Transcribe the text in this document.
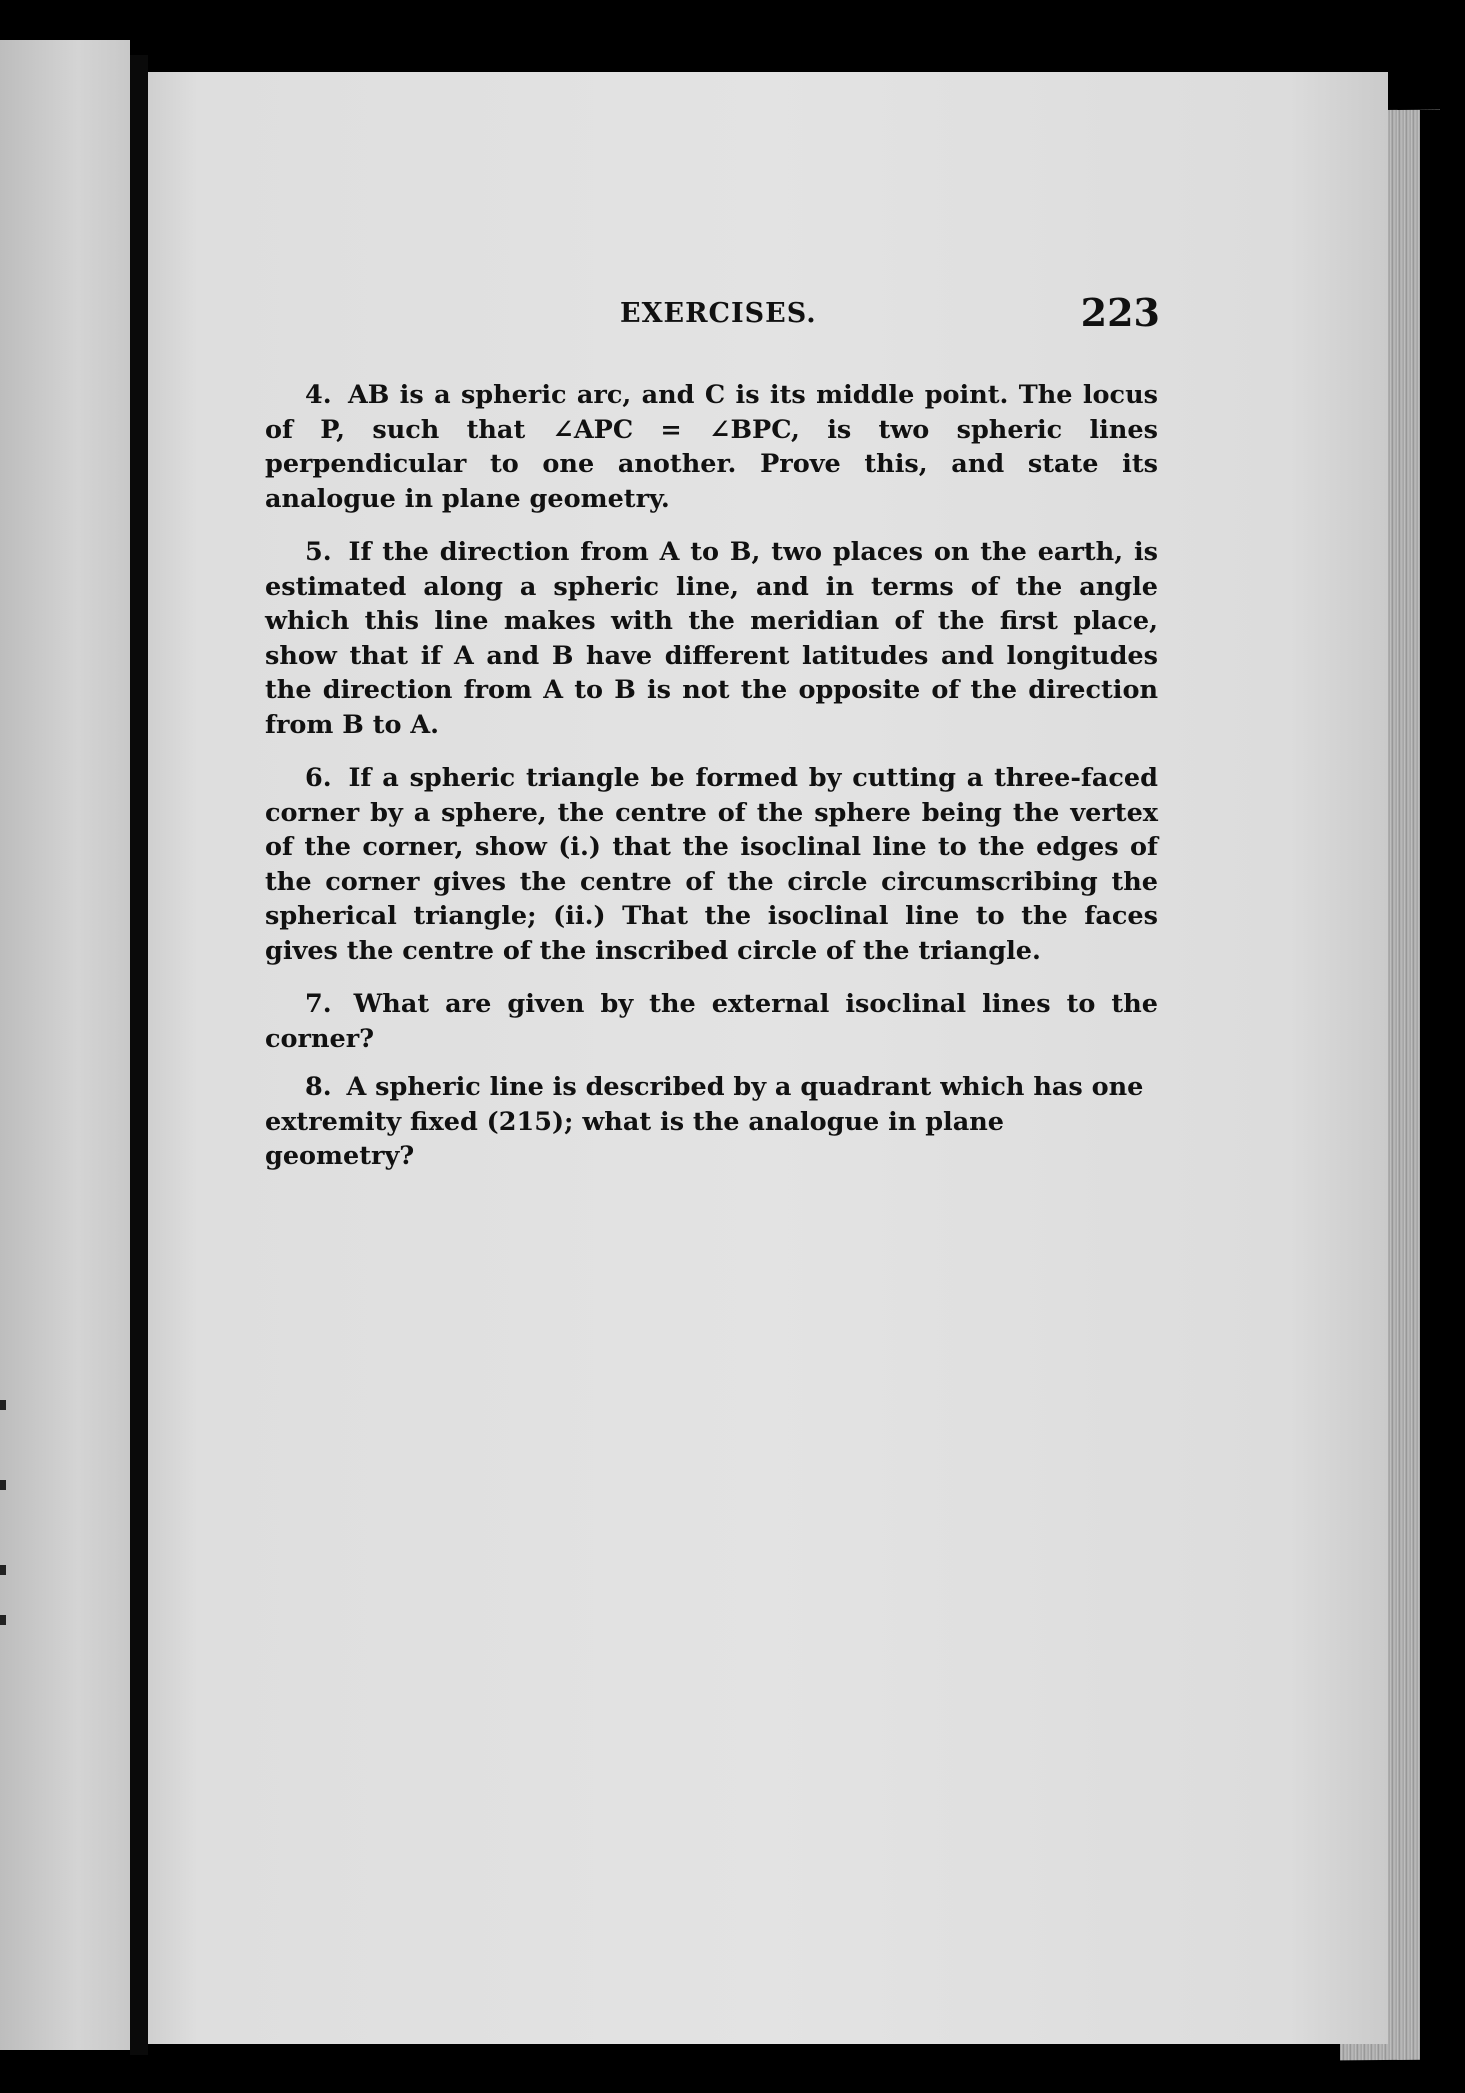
EXERCISES.	223

4. AB is a spheric arc, and C is its middle point. The locus of P, such that ∠APC = ∠BPC, is two spheric lines perpendicular to one another. Prove this, and state its analogue in plane geometry.

5. If the direction from A to B, two places on the earth, is estimated along a spheric line, and in terms of the angle which this line makes with the meridian of the first place, show that if A and B have different latitudes and longitudes the direction from A to B is not the opposite of the direction from B to A.

6. If a spheric triangle be formed by cutting a three-faced corner by a sphere, the centre of the sphere being the vertex of the corner, show (i.) that the isoclinal line to the edges of the corner gives the centre of the circle circumscribing the spherical triangle; (ii.) That the isoclinal line to the faces gives the centre of the inscribed circle of the triangle.

7. What are given by the external isoclinal lines to the corner?

8. A spheric line is described by a quadrant which has one extremity fixed (215); what is the analogue in plane geometry?
